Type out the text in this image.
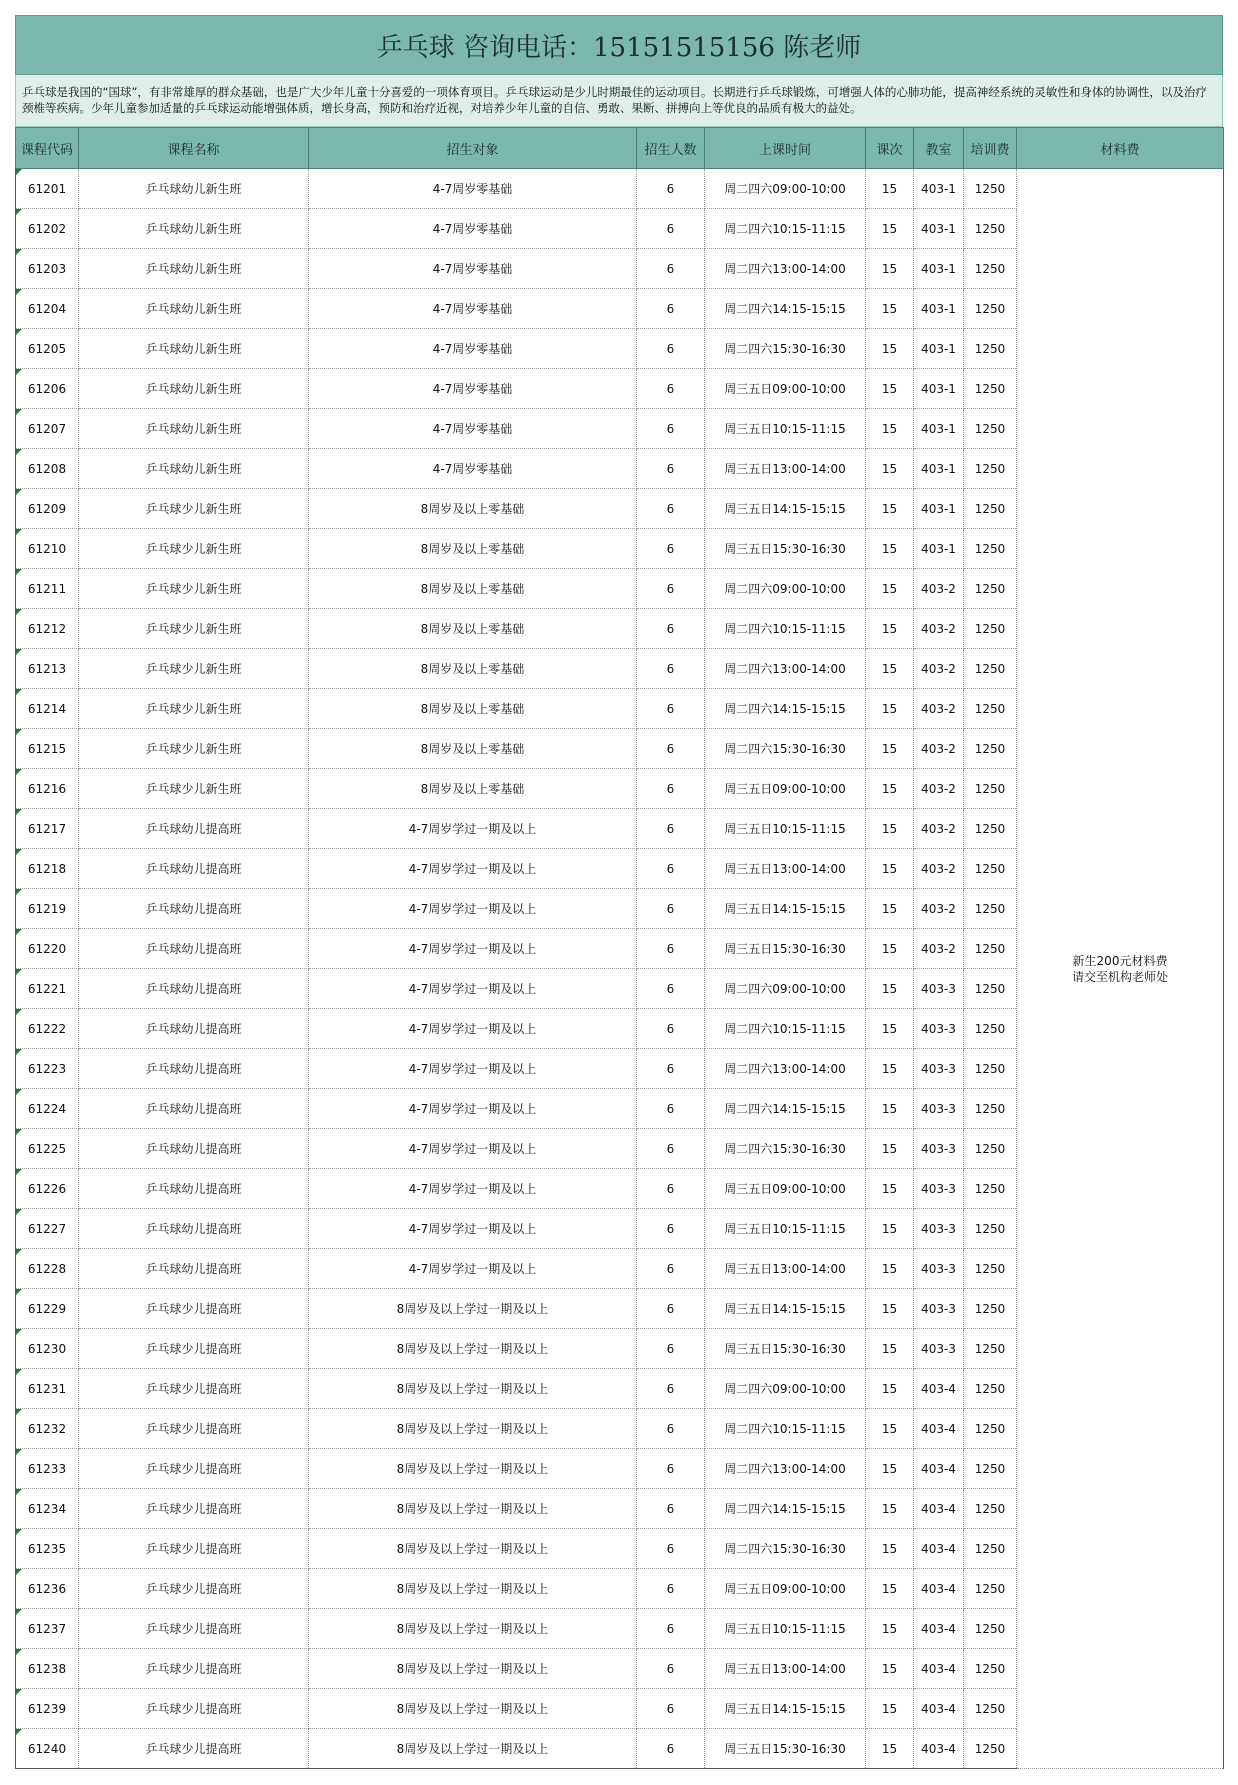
乒乓球 咨询电话：15151515156 陈老师
乒乓球是我国的“国球”，有非常雄厚的群众基础，也是广大少年儿童十分喜爱的一项体育项目。乒乓球运动是少儿时期最佳的运动项目。长期进行乒乓球锻炼，可增强人体的心肺功能，提高神经系统的灵敏性和身体的协调性，以及治疗颈椎等疾病。少年儿童参加适量的乒乓球运动能增强体质，增长身高，预防和治疗近视，对培养少年儿童的自信、勇敢、果断、拼搏向上等优良的品质有极大的益处。
课程代码	课程名称	招生对象	招生人数	上课时间	课次	教室	培训费	材料费
61201	乒乓球幼儿新生班	4-7周岁零基础	6	周二四六09:00-10:00	15	403-1	1250	新生200元材料费
请交至机构老师处

61202	乒乓球幼儿新生班	4-7周岁零基础	6	周二四六10:15-11:15	15	403-1	1250	
61203	乒乓球幼儿新生班	4-7周岁零基础	6	周二四六13:00-14:00	15	403-1	1250	
61204	乒乓球幼儿新生班	4-7周岁零基础	6	周二四六14:15-15:15	15	403-1	1250	
61205	乒乓球幼儿新生班	4-7周岁零基础	6	周二四六15:30-16:30	15	403-1	1250	
61206	乒乓球幼儿新生班	4-7周岁零基础	6	周三五日09:00-10:00	15	403-1	1250	
61207	乒乓球幼儿新生班	4-7周岁零基础	6	周三五日10:15-11:15	15	403-1	1250	
61208	乒乓球幼儿新生班	4-7周岁零基础	6	周三五日13:00-14:00	15	403-1	1250	
61209	乒乓球少儿新生班	8周岁及以上零基础	6	周三五日14:15-15:15	15	403-1	1250	
61210	乒乓球少儿新生班	8周岁及以上零基础	6	周三五日15:30-16:30	15	403-1	1250	
61211	乒乓球少儿新生班	8周岁及以上零基础	6	周二四六09:00-10:00	15	403-2	1250	
61212	乒乓球少儿新生班	8周岁及以上零基础	6	周二四六10:15-11:15	15	403-2	1250	
61213	乒乓球少儿新生班	8周岁及以上零基础	6	周二四六13:00-14:00	15	403-2	1250	
61214	乒乓球少儿新生班	8周岁及以上零基础	6	周二四六14:15-15:15	15	403-2	1250	
61215	乒乓球少儿新生班	8周岁及以上零基础	6	周二四六15:30-16:30	15	403-2	1250	
61216	乒乓球少儿新生班	8周岁及以上零基础	6	周三五日09:00-10:00	15	403-2	1250	
61217	乒乓球幼儿提高班	4-7周岁学过一期及以上	6	周三五日10:15-11:15	15	403-2	1250	
61218	乒乓球幼儿提高班	4-7周岁学过一期及以上	6	周三五日13:00-14:00	15	403-2	1250	
61219	乒乓球幼儿提高班	4-7周岁学过一期及以上	6	周三五日14:15-15:15	15	403-2	1250	
61220	乒乓球幼儿提高班	4-7周岁学过一期及以上	6	周三五日15:30-16:30	15	403-2	1250	
61221	乒乓球幼儿提高班	4-7周岁学过一期及以上	6	周二四六09:00-10:00	15	403-3	1250	
61222	乒乓球幼儿提高班	4-7周岁学过一期及以上	6	周二四六10:15-11:15	15	403-3	1250	
61223	乒乓球幼儿提高班	4-7周岁学过一期及以上	6	周二四六13:00-14:00	15	403-3	1250	
61224	乒乓球幼儿提高班	4-7周岁学过一期及以上	6	周二四六14:15-15:15	15	403-3	1250	
61225	乒乓球幼儿提高班	4-7周岁学过一期及以上	6	周二四六15:30-16:30	15	403-3	1250	
61226	乒乓球幼儿提高班	4-7周岁学过一期及以上	6	周三五日09:00-10:00	15	403-3	1250	
61227	乒乓球幼儿提高班	4-7周岁学过一期及以上	6	周三五日10:15-11:15	15	403-3	1250	
61228	乒乓球幼儿提高班	4-7周岁学过一期及以上	6	周三五日13:00-14:00	15	403-3	1250	
61229	乒乓球少儿提高班	8周岁及以上学过一期及以上	6	周三五日14:15-15:15	15	403-3	1250	
61230	乒乓球少儿提高班	8周岁及以上学过一期及以上	6	周三五日15:30-16:30	15	403-3	1250	
61231	乒乓球少儿提高班	8周岁及以上学过一期及以上	6	周二四六09:00-10:00	15	403-4	1250	
61232	乒乓球少儿提高班	8周岁及以上学过一期及以上	6	周二四六10:15-11:15	15	403-4	1250	
61233	乒乓球少儿提高班	8周岁及以上学过一期及以上	6	周二四六13:00-14:00	15	403-4	1250	
61234	乒乓球少儿提高班	8周岁及以上学过一期及以上	6	周二四六14:15-15:15	15	403-4	1250	
61235	乒乓球少儿提高班	8周岁及以上学过一期及以上	6	周二四六15:30-16:30	15	403-4	1250	
61236	乒乓球少儿提高班	8周岁及以上学过一期及以上	6	周三五日09:00-10:00	15	403-4	1250	
61237	乒乓球少儿提高班	8周岁及以上学过一期及以上	6	周三五日10:15-11:15	15	403-4	1250	
61238	乒乓球少儿提高班	8周岁及以上学过一期及以上	6	周三五日13:00-14:00	15	403-4	1250	
61239	乒乓球少儿提高班	8周岁及以上学过一期及以上	6	周三五日14:15-15:15	15	403-4	1250	
61240	乒乓球少儿提高班	8周岁及以上学过一期及以上	6	周三五日15:30-16:30	15	403-4	1250	
